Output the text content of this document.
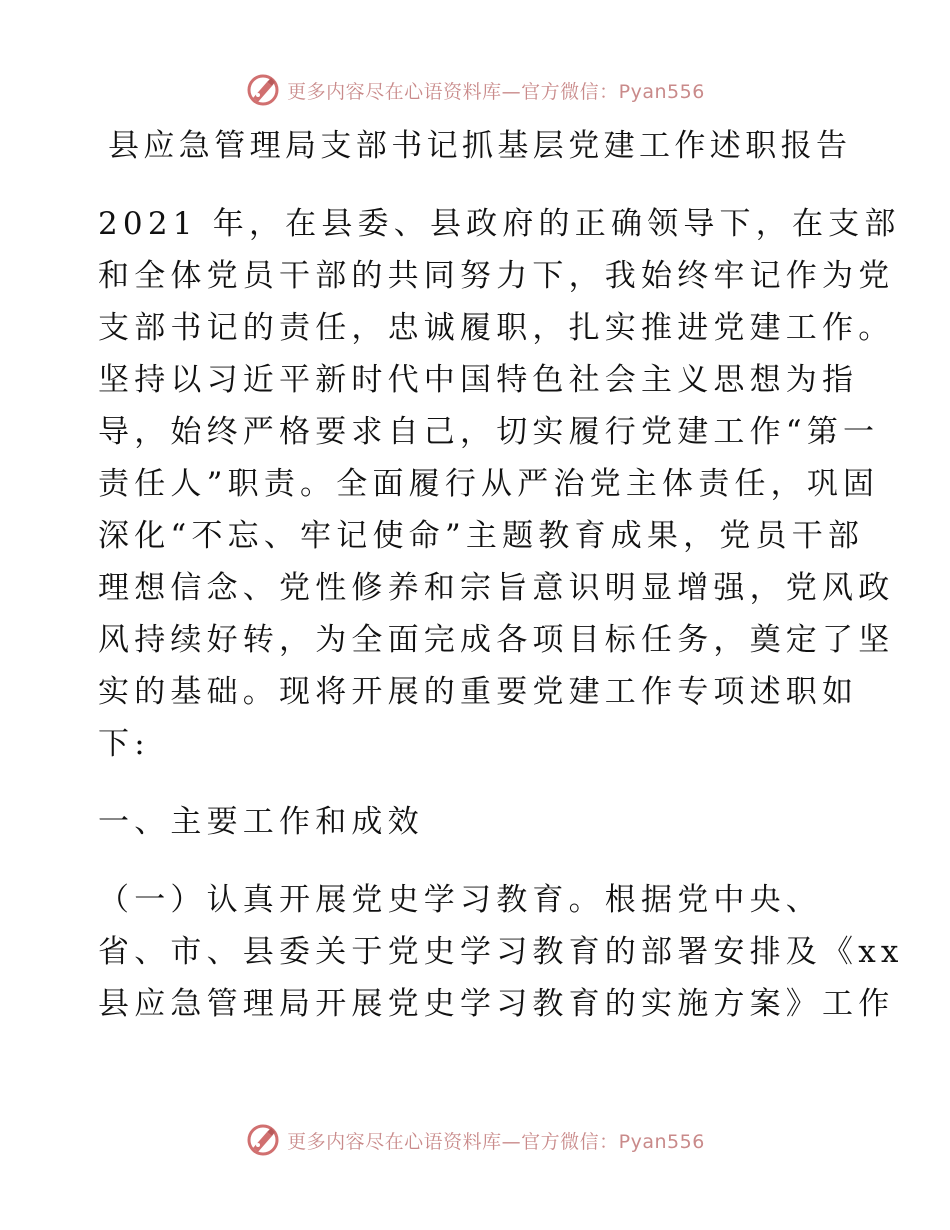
更多内容尽在心语资料库—官方微信：Pyan556
县应急管理局支部书记抓基层党建工作述职报告
2021 年，在县委、县政府的正确领导下，在支部
和全体党员干部的共同努力下，我始终牢记作为党
支部书记的责任，忠诚履职，扎实推进党建工作。
坚持以习近平新时代中国特色社会主义思想为指
导，始终严格要求自己，切实履行党建工作“第一
责任人”职责。全面履行从严治党主体责任，巩固
深化“不忘、牢记使命”主题教育成果，党员干部
理想信念、党性修养和宗旨意识明显增强，党风政
风持续好转，为全面完成各项目标任务，奠定了坚
实的基础。现将开展的重要党建工作专项述职如
下:
一、主要工作和成效
（一）认真开展党史学习教育。根据党中央、
省、市、县委关于党史学习教育的部署安排及《xx
县应急管理局开展党史学习教育的实施方案》工作
更多内容尽在心语资料库—官方微信：Pyan556
